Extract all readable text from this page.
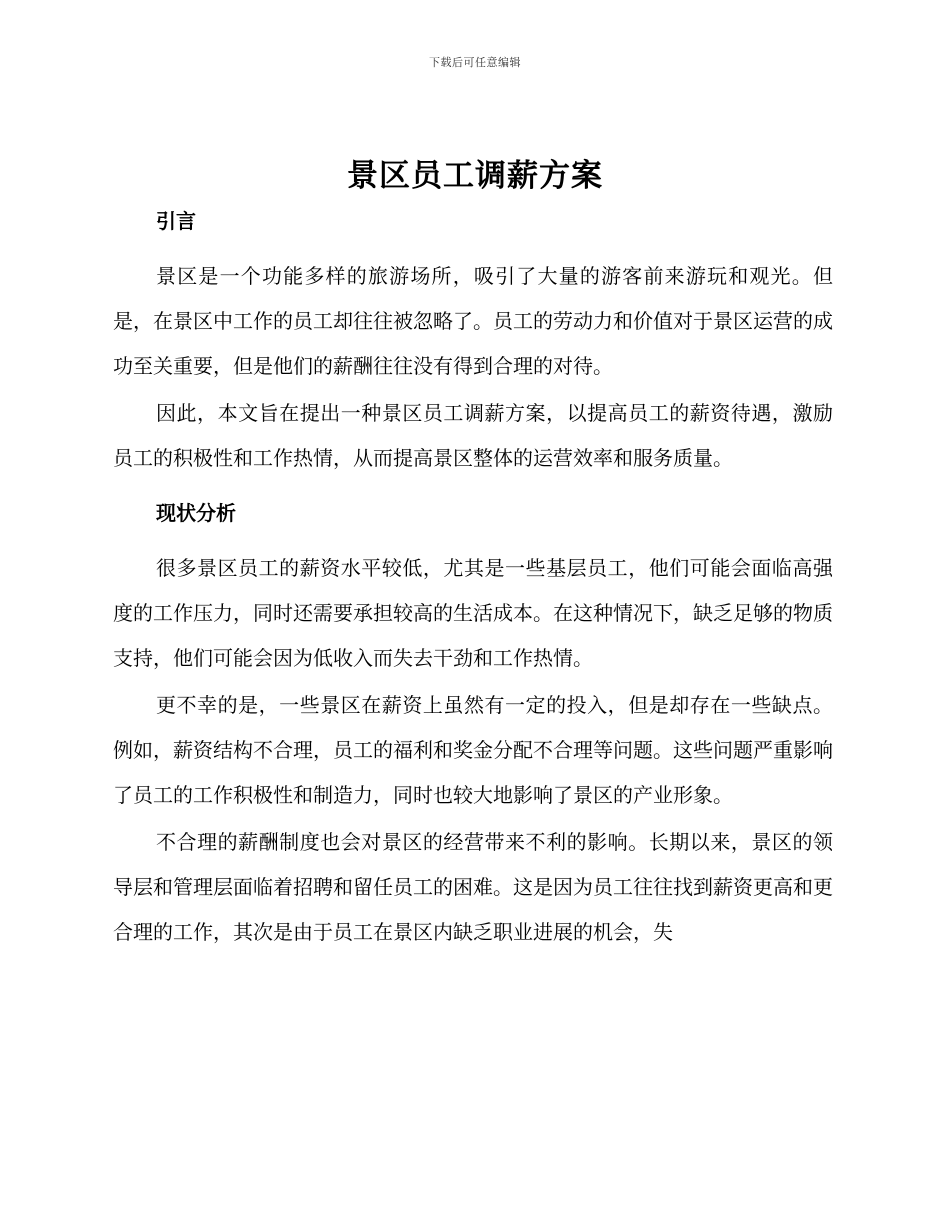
下载后可任意编辑
景区员工调薪方案
引言

景区是一个功能多样的旅游场所，吸引了大量的游客前来游玩和观光。但是，在景区中工作的员工却往往被忽略了。员工的劳动力和价值对于景区运营的成功至关重要，但是他们的薪酬往往没有得到合理的对待。

因此，本文旨在提出一种景区员工调薪方案，以提高员工的薪资待遇，激励员工的积极性和工作热情，从而提高景区整体的运营效率和服务质量。

现状分析

很多景区员工的薪资水平较低，尤其是一些基层员工，他们可能会面临高强度的工作压力，同时还需要承担较高的生活成本。在这种情况下，缺乏足够的物质支持，他们可能会因为低收入而失去干劲和工作热情。

更不幸的是，一些景区在薪资上虽然有一定的投入，但是却存在一些缺点。例如，薪资结构不合理，员工的福利和奖金分配不合理等问题。这些问题严重影响了员工的工作积极性和制造力，同时也较大地影响了景区的产业形象。

不合理的薪酬制度也会对景区的经营带来不利的影响。长期以来，景区的领导层和管理层面临着招聘和留任员工的困难。这是因为员工往往找到薪资更高和更合理的工作，其次是由于员工在景区内缺乏职业进展的机会，失
